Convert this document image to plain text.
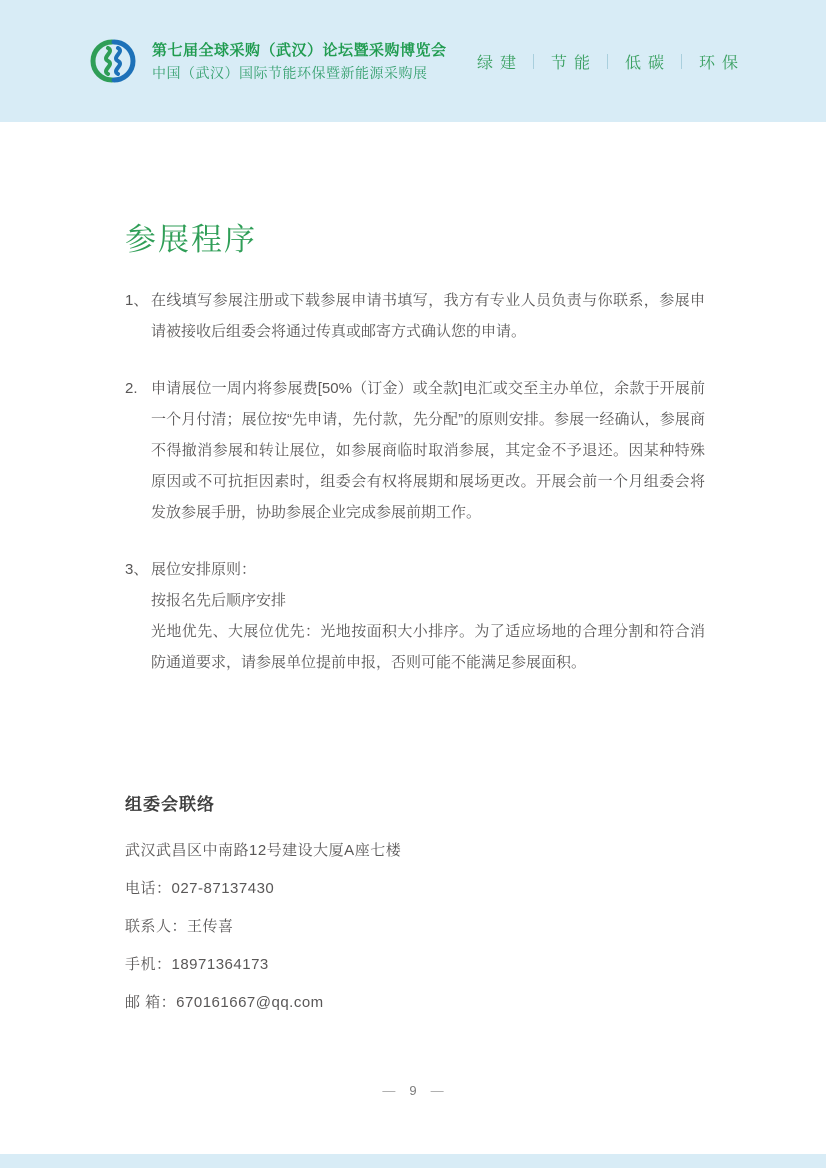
第七届全球采购（武汉）论坛暨采购博览会
中国（武汉）国际节能环保暨新能源采购展
绿建 节能 低碳 环保
参展程序
1、 在线填写参展注册或下载参展申请书填写，我方有专业人员负责与你联系，参展申请被接收后组委会将通过传真或邮寄方式确认您的申请。
2. 申请展位一周内将参展费[50%（订金）或全款]电汇或交至主办单位，余款于开展前一个月付清；展位按“先申请，先付款，先分配”的原则安排。参展一经确认，参展商不得撤消参展和转让展位，如参展商临时取消参展，其定金不予退还。因某种特殊原因或不可抗拒因素时，组委会有权将展期和展场更改。开展会前一个月组委会将发放参展手册，协助参展企业完成参展前期工作。
3、 展位安排原则：
按报名先后顺序安排
光地优先、大展位优先：光地按面积大小排序。为了适应场地的合理分割和符合消防通道要求，请参展单位提前申报，否则可能不能满足参展面积。
组委会联络

武汉武昌区中南路12号建设大厦A座七楼

电话：027-87137430

联系人：王传喜

手机：18971364173

邮 箱：670161667@qq.com

— 9 —
